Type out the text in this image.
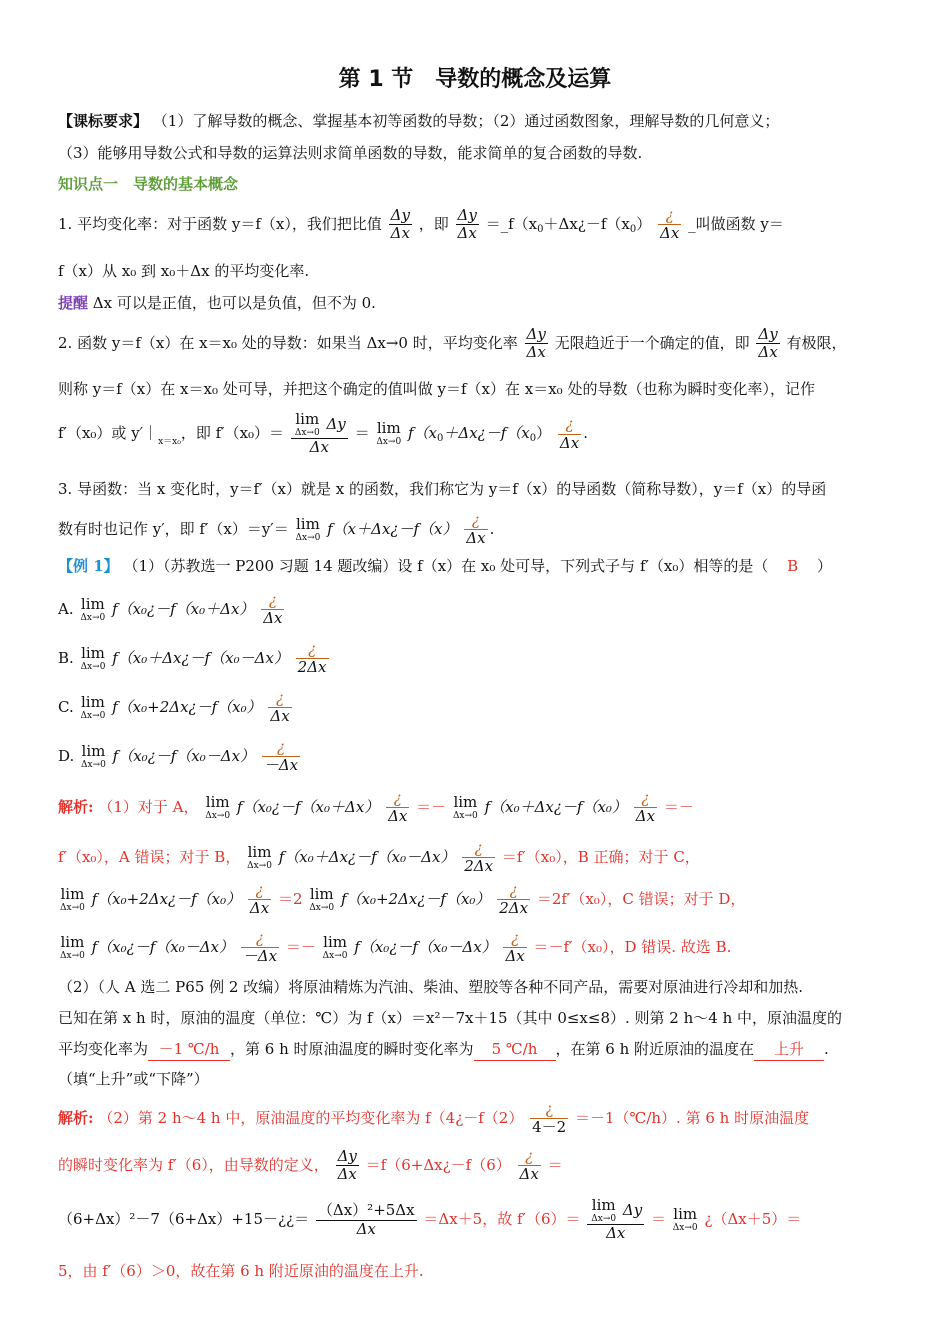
第 1 节　导数的概念及运算
【课标要求】 （1）了解导数的概念、掌握基本初等函数的导数；（2）通过函数图象，理解导数的几何意义；
（3）能够用导数公式和导数的运算法则求简单函数的导数，能求简单的复合函数的导数.
知识点一　导数的基本概念
1. 平均变化率：对于函数 y＝f（x），我们把比值 $\frac{\Delta y}{\Delta x}$ ，即 $\frac{\Delta y}{\Delta x}$ $=\_f(x_0+\Delta x¿-f(x_0) \frac{¿}{\Delta x}$ _叫做函数 y＝
f（x）从 x₀ 到 x₀＋Δx 的平均变化率.
提醒 Δx 可以是正值，也可以是负值，但不为 0.
2. 函数 y＝f（x）在 x＝x₀ 处的导数：如果当 Δx→0 时，平均变化率 $\frac{\Delta y}{\Delta x}$ 无限趋近于一个确定的值，即 $\frac{\Delta y}{\Delta x}$ 有极限，
则称 y＝f（x）在 x＝x₀ 处可导，并把这个确定的值叫做 y＝f（x）在 x＝x₀ 处的导数（也称为瞬时变化率），记作
f′（x₀）或 $y'|_{x=x_0}$，即 f′（x₀）＝ lim
Δx→0 Δy
Δx ＝ lim
Δx→0 $f(x_0+\Delta x¿-f(x_0) \frac{¿}{\Delta x}$ .
3. 导函数：当 x 变化时，y＝f′（x）就是 x 的函数，我们称它为 y＝f（x）的导函数（简称导数），y＝f（x）的导函
数有时也记作 y′，即 f′（x）＝y′＝ lim
Δx→0 f（x＋Δx¿－f（x） $\frac{¿}{\Delta x}$ .
【例 1】 （1）（苏教选一 P200 习题 14 题改编）设 f（x）在 x₀ 处可导，下列式子与 f′（x₀）相等的是（ B ）
A. lim
Δx→0 f（x₀¿－f（x₀＋Δx） $\frac{¿}{\Delta x}$
B. lim
Δx→0 f（x₀＋Δx¿－f（x₀－Δx） $\frac{¿}{2\Delta x}$
C. lim
Δx→0 f（x₀+2Δx¿－f（x₀） $\frac{¿}{\Delta x}$
D. lim
Δx→0 f（x₀¿－f（x₀－Δx） $\frac{¿}{-\Delta x}$
解析: （1）对于 A， lim
Δx→0 f（x₀¿－f（x₀＋Δx） $\frac{¿}{\Delta x} =- \lim$
Δx→0 f（x₀＋Δx¿－f（x₀） $\frac{¿}{\Delta x}$ ＝－
f′（x₀），A 错误；对于 B， lim
Δx→0 f（x₀＋Δx¿－f（x₀－Δx） $\frac{¿}{2\Delta x} =f'(x_0)$，B 正确；对于 C，
lim
Δx→0 f（x₀+2Δx¿－f（x₀） $\frac{¿}{\Delta x} =2$ lim
Δx→0 f（x₀+2Δx¿－f（x₀） $\frac{¿}{2\Delta x} =2f'(x_0)$，C 错误；对于 D，
lim
Δx→0 f（x₀¿－f（x₀－Δx） $\frac{¿}{-\Delta x} =- \lim$
Δx→0 f（x₀¿－f（x₀－Δx） $\frac{¿}{\Delta x} =-f'(x_0)$，D 错误. 故选 B.
（2）（人 A 选二 P65 例 2 改编）将原油精炼为汽油、柴油、塑胶等各种不同产品，需要对原油进行冷却和加热.
已知在第 x h 时，原油的温度（单位：℃）为 f（x）＝x²－7x＋15（其中 0≤x≤8）. 则第 2 h～4 h 中，原油温度的
平均变化率为 －1 ℃/h ，第 6 h 时原油温度的瞬时变化率为 5 ℃/h ，在第 6 h 附近原油的温度在 上升 .
（填“上升”或“下降”）
解析: （2）第 2 h～4 h 中，原油温度的平均变化率为 f（4¿－f（2） $\frac{¿}{4-2}$ ＝－1（℃/h）. 第 6 h 时原油温度
的瞬时变化率为 f′（6），由导数的定义， $\frac{\Delta y}{\Delta x}$ ＝f（6+Δx¿－f（6） $\frac{¿}{\Delta x}$ ＝
（6+Δx）²－7（6+Δx）+15－¿¿＝ $\frac{\text{（Δx）²+5Δx}}{\Delta x} =\Delta x+5$，故 f′（6）＝ lim
Δx→0 Δy
Δx ＝ lim
Δx→0 ¿（Δx＋5）＝
5，由 f′（6）＞0，故在第 6 h 附近原油的温度在上升.
